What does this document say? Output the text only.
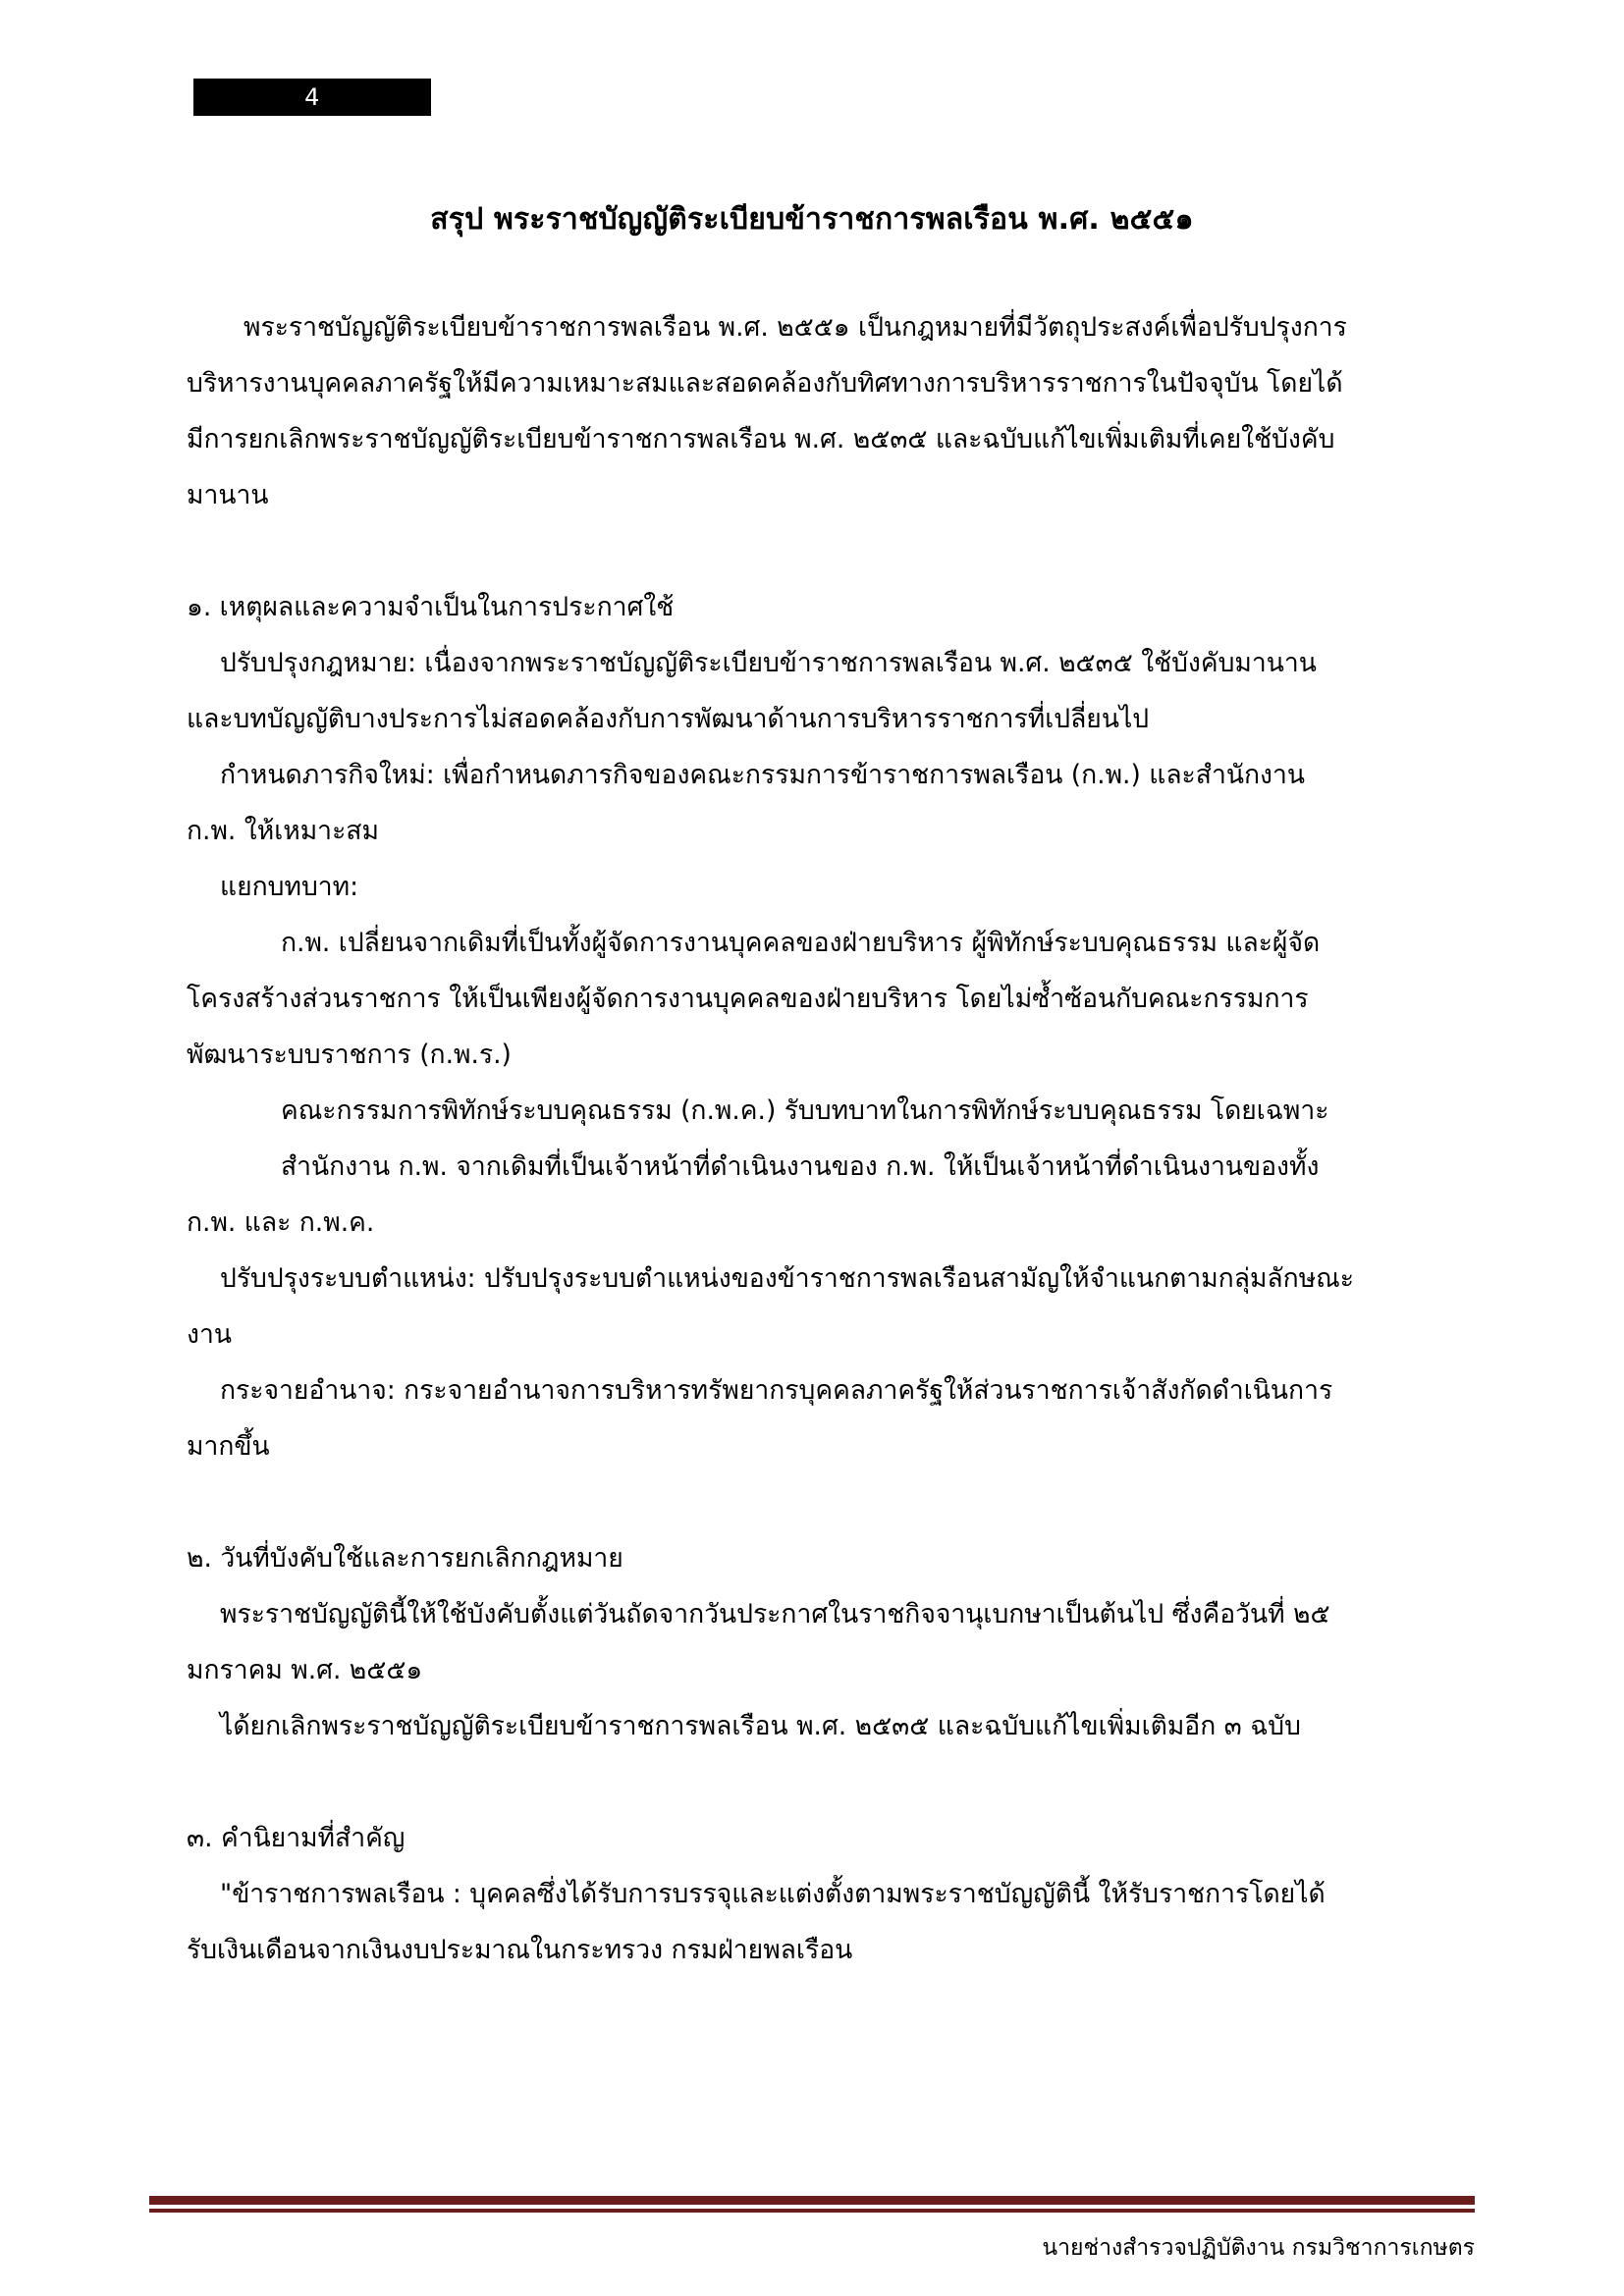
4
สรุป พระราชบัญญัติระเบียบข้าราชการพลเรือน พ.ศ. ๒๕๕๑

พระราชบัญญัติระเบียบข้าราชการพลเรือน พ.ศ. ๒๕๕๑ เป็นกฎหมายที่มีวัตถุประสงค์เพื่อปรับปรุงการบริหารงานบุคคลภาครัฐให้มีความเหมาะสมและสอดคล้องกับทิศทางการบริหารราชการในปัจจุบัน โดยได้มีการยกเลิกพระราชบัญญัติระเบียบข้าราชการพลเรือน พ.ศ. ๒๕๓๕ และฉบับแก้ไขเพิ่มเติมที่เคยใช้บังคับมานาน

๑. เหตุผลและความจำเป็นในการประกาศใช้

ปรับปรุงกฎหมาย: เนื่องจากพระราชบัญญัติระเบียบข้าราชการพลเรือน พ.ศ. ๒๕๓๕ ใช้บังคับมานาน และบทบัญญัติบางประการไม่สอดคล้องกับการพัฒนาด้านการบริหารราชการที่เปลี่ยนไป

กำหนดภารกิจใหม่: เพื่อกำหนดภารกิจของคณะกรรมการข้าราชการพลเรือน (ก.พ.) และสำนักงาน ก.พ. ให้เหมาะสม

แยกบทบาท:

ก.พ. เปลี่ยนจากเดิมที่เป็นทั้งผู้จัดการงานบุคคลของฝ่ายบริหาร ผู้พิทักษ์ระบบคุณธรรม และผู้จัดโครงสร้างส่วนราชการ ให้เป็นเพียงผู้จัดการงานบุคคลของฝ่ายบริหาร โดยไม่ซ้ำซ้อนกับคณะกรรมการพัฒนาระบบราชการ (ก.พ.ร.)

คณะกรรมการพิทักษ์ระบบคุณธรรม (ก.พ.ค.) รับบทบาทในการพิทักษ์ระบบคุณธรรม โดยเฉพาะ

สำนักงาน ก.พ. จากเดิมที่เป็นเจ้าหน้าที่ดำเนินงานของ ก.พ. ให้เป็นเจ้าหน้าที่ดำเนินงานของทั้ง ก.พ. และ ก.พ.ค.

ปรับปรุงระบบตำแหน่ง: ปรับปรุงระบบตำแหน่งของข้าราชการพลเรือนสามัญให้จำแนกตามกลุ่มลักษณะงาน

กระจายอำนาจ: กระจายอำนาจการบริหารทรัพยากรบุคคลภาครัฐให้ส่วนราชการเจ้าสังกัดดำเนินการมากขึ้น

๒. วันที่บังคับใช้และการยกเลิกกฎหมาย

พระราชบัญญัตินี้ให้ใช้บังคับตั้งแต่วันถัดจากวันประกาศในราชกิจจานุเบกษาเป็นต้นไป ซึ่งคือวันที่ ๒๕ มกราคม พ.ศ. ๒๕๕๑

ได้ยกเลิกพระราชบัญญัติระเบียบข้าราชการพลเรือน พ.ศ. ๒๕๓๕ และฉบับแก้ไขเพิ่มเติมอีก ๓ ฉบับ

๓. คำนิยามที่สำคัญ

"ข้าราชการพลเรือน : บุคคลซึ่งได้รับการบรรจุและแต่งตั้งตามพระราชบัญญัตินี้ ให้รับราชการโดยได้รับเงินเดือนจากเงินงบประมาณในกระทรวง กรมฝ่ายพลเรือน

นายช่างสำรวจปฏิบัติงาน กรมวิชาการเกษตร
